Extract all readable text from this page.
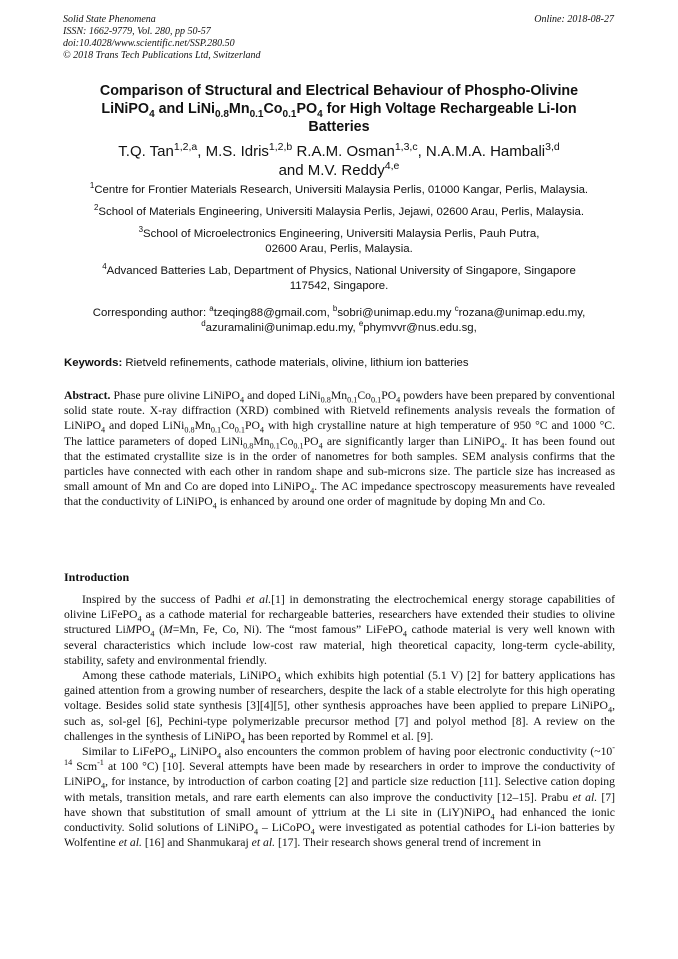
Solid State Phenomena
ISSN: 1662-9779, Vol. 280, pp 50-57
doi:10.4028/www.scientific.net/SSP.280.50
© 2018 Trans Tech Publications Ltd, Switzerland
Online: 2018-08-27
Comparison of Structural and Electrical Behaviour of Phospho-Olivine
LiNiPO$_4$ and $LiNi_{0.8}Mn_{0.1}Co_{0.1}PO_4$ for High Voltage Rechargeable Li-Ion
Batteries
T.Q. Tan$^{1,2,a}$, M.S. Idris$^{1,2,b}$ R.A.M. Osman$^{1,3,c}$, N.A.M.A. Hambali$^{3,d}$
and M.V. Reddy$^{4,e}$
$^1$Centre for Frontier Materials Research, Universiti Malaysia Perlis, 01000 Kangar, Perlis, Malaysia.
$^2$School of Materials Engineering, Universiti Malaysia Perlis, Jejawi, 02600 Arau, Perlis, Malaysia.
$^3$School of Microelectronics Engineering, Universiti Malaysia Perlis, Pauh Putra,
02600 Arau, Perlis, Malaysia.
$^4$Advanced Batteries Lab, Department of Physics, National University of Singapore, Singapore
117542, Singapore.
Corresponding author: $^a$tzeqing88@gmail.com, $^b$sobri@unimap.edu.my $^c$rozana@unimap.edu.my,
$^d$azuramalini@unimap.edu.my, $^e$phymvvr@nus.edu.sg,
Keywords: Rietveld refinements, cathode materials, olivine, lithium ion batteries
Abstract. Phase pure olivine LiNiPO$_4$ and doped $LiNi_{0.8}Mn_{0.1}Co_{0.1}PO_4$ powders have been prepared by conventional solid state route. X-ray diffraction (XRD) combined with Rietveld refinements analysis reveals the formation of LiNiPO$_4$ and doped $LiNi_{0.8}Mn_{0.1}Co_{0.1}PO_4$ with high crystalline nature at high temperature of 950 °C and 1000 °C. The lattice parameters of doped $LiNi_{0.8}Mn_{0.1}Co_{0.1}PO_4$ are significantly larger than LiNiPO$_4$. It has been found out that the estimated crystallite size is in the order of nanometres for both samples. SEM analysis confirms that the particles have connected with each other in random shape and sub-microns size. The particle size has increased as small amount of Mn and Co are doped into LiNiPO$_4$. The AC impedance spectroscopy measurements have revealed that the conductivity of LiNiPO$_4$ is enhanced by around one order of magnitude by doping Mn and Co.
Introduction

Inspired by the success of Padhi et al.[1] in demonstrating the electrochemical energy storage capabilities of olivine LiFePO$_4$ as a cathode material for rechargeable batteries, researchers have extended their studies to olivine structured LiMPO$_4$ (M=Mn, Fe, Co, Ni). The “most famous” LiFePO$_4$ cathode material is very well known with several characteristics which include low-cost raw material, high theoretical capacity, long-term cycle-ability, stability, safety and environmental friendly.

Among these cathode materials, LiNiPO$_4$ which exhibits high potential (5.1 V) [2] for battery applications has gained attention from a growing number of researchers, despite the lack of a stable electrolyte for this high operating voltage. Besides solid state synthesis [3][4][5], other synthesis approaches have been applied to prepare LiNiPO$_4$, such as, sol-gel [6], Pechini-type polymerizable precursor method [7] and polyol method [8]. A review on the challenges in the synthesis of LiNiPO$_4$ has been reported by Rommel et al. [9].

Similar to LiFePO$_4$, LiNiPO$_4$ also encounters the common problem of having poor electronic conductivity ($\sim 10^{-14}$ Scm$^{-1}$ at 100 °C) [10]. Several attempts have been made by researchers in order to improve the conductivity of LiNiPO$_4$, for instance, by introduction of carbon coating [2] and particle size reduction [11]. Selective cation doping with metals, transition metals, and rare earth elements can also improve the conductivity [12–15]. Prabu et al. [7] have shown that substitution of small amount of yttrium at the Li site in (LiY)NiPO$_4$ had enhanced the ionic conductivity. Solid solutions of LiNiPO$_4$ – LiCoPO$_4$ were investigated as potential cathodes for Li-ion batteries by Wolfentine et al. [16] and Shanmukaraj et al. [17]. Their research shows general trend of increment in
